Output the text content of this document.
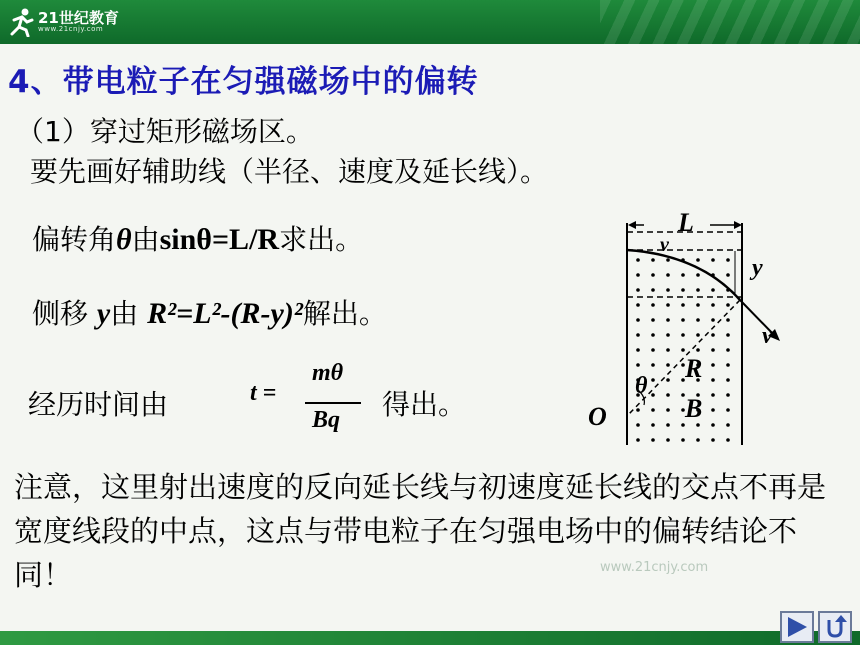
21世纪教育
www.21cnjy.com
4、带电粒子在匀强磁场中的偏转
（1）穿过矩形磁场区。
要先画好辅助线（半径、速度及延长线）。
偏转角θ由sinθ=L/R求出。
侧移 y由 R²=L²-(R-y)²解出。
经历时间由	t =
mθ
Bq 得出。
L
v
y
v
R
θ
B
O
注意，这里射出速度的反向延长线与初速度延长线的交点不再是宽度线段的中点，这点与带电粒子在匀强电场中的偏转结论不同！	www.21cnjy.com
